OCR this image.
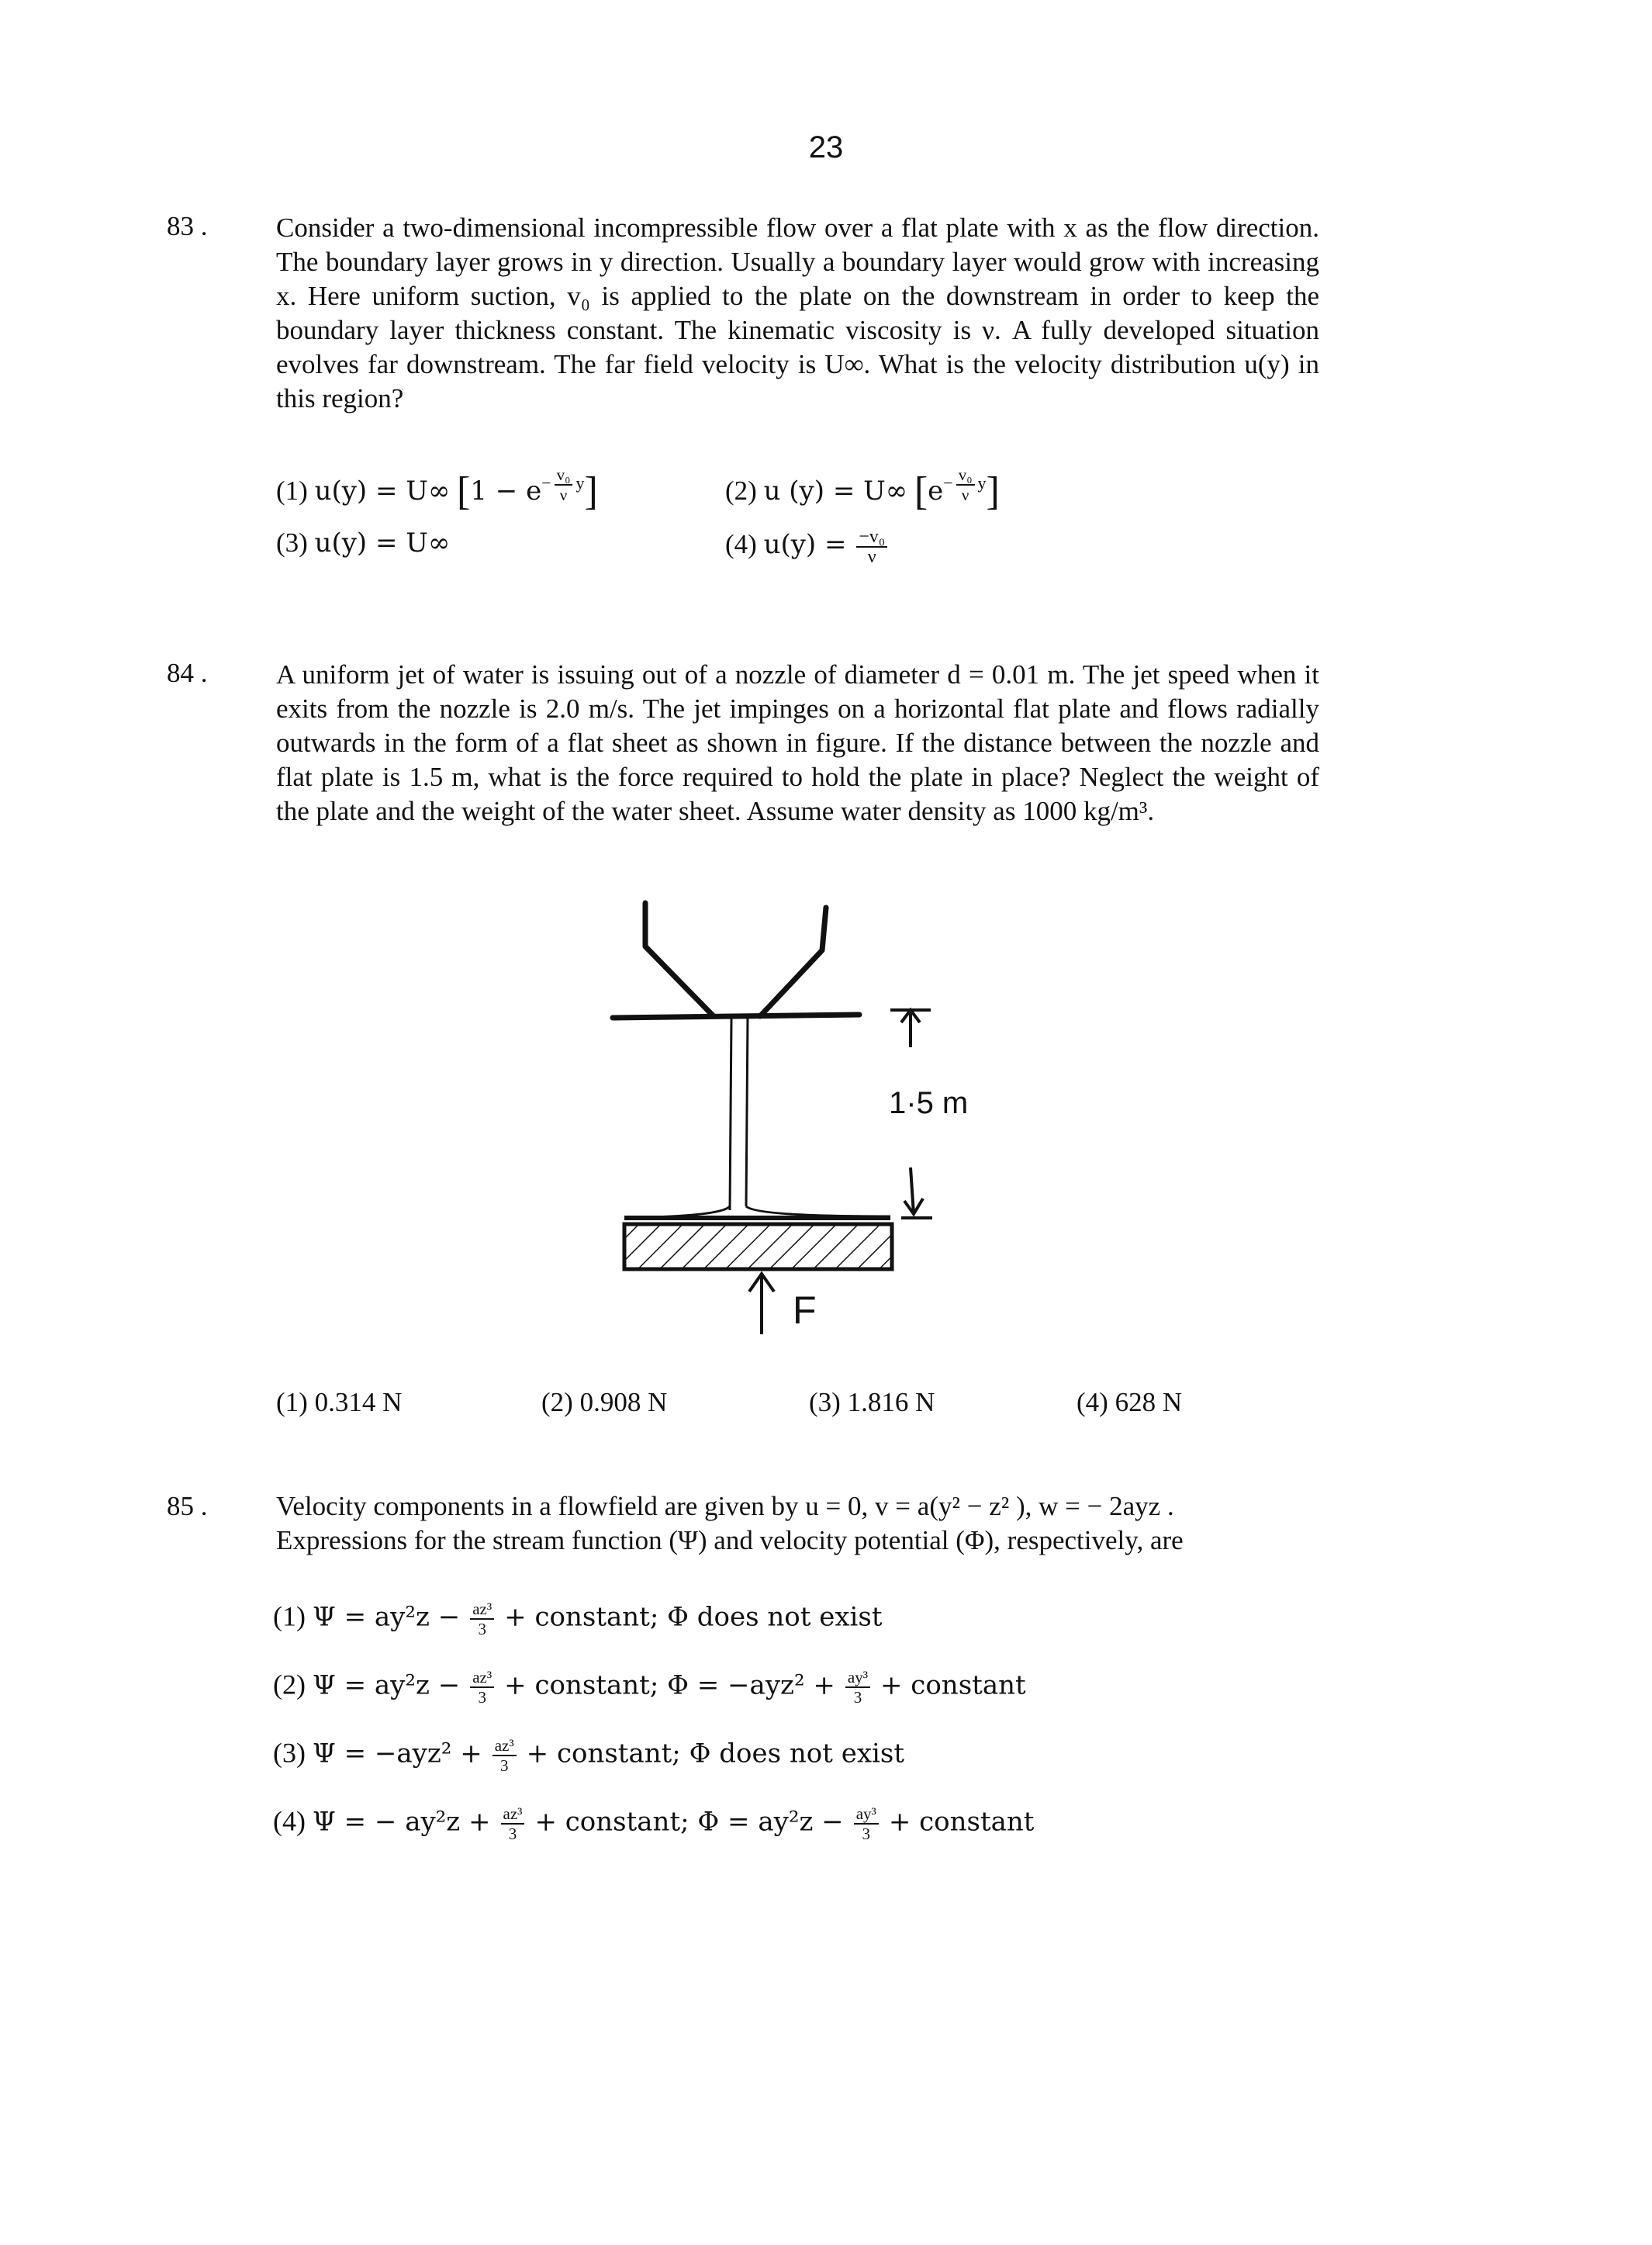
23
83 .	Consider a two-dimensional incompressible flow over a flat plate with x as the flow direction. The boundary layer grows in y direction. Usually a boundary layer would grow with increasing x. Here uniform suction, v₀ is applied to the plate on the downstream in order to keep the boundary layer thickness constant. The kinematic viscosity is ν. A fully developed situation evolves far downstream. The far field velocity is U∞. What is the velocity distribution u(y) in this region?
(1) u(y) = U∞ $[1 - e^{- \frac{\text{v₀}}{\nu} y}]$	(2) u (y) = U∞ $[e^{- \frac{\text{v₀}}{\nu} y}]$
(3) u(y) = U∞	(4) $u(y) = \frac{\text{−v₀}}{\nu}$
84 .	A uniform jet of water is issuing out of a nozzle of diameter d = 0.01 m. The jet speed when it exits from the nozzle is 2.0 m/s. The jet impinges on a horizontal flat plate and flows radially outwards in the form of a flat sheet as shown in figure. If the distance between the nozzle and flat plate is 1.5 m, what is the force required to hold the plate in place? Neglect the weight of the plate and the weight of the water sheet. Assume water density as 1000 kg/m³.
F
1·5 m
(1) 0.314 N	(2) 0.908 N	(3) 1.816 N	(4) 628 N
85 .	Velocity components in a flowfield are given by u = 0, v = a(y² − z² ), w = − 2ayz .
Expressions for the stream function (Ψ) and velocity potential (Φ), respectively, are
(1) $\Psi = ay^2z - \frac{\text{az³}}{3}$ + constant; Φ does not exist
(2) $\Psi = ay^2z - \frac{\text{az³}}{3}$ + constant; $\Phi = -ayz^2 + \frac{\text{ay³}}{3}$ + constant
(3) $\Psi = -ayz^2 + \frac{\text{az³}}{3}$ + constant; Φ does not exist
(4) Ψ = − $ay^2z + \frac{\text{az³}}{3}$ + constant; $\Phi = ay^2z - \frac{\text{ay³}}{3}$ + constant
